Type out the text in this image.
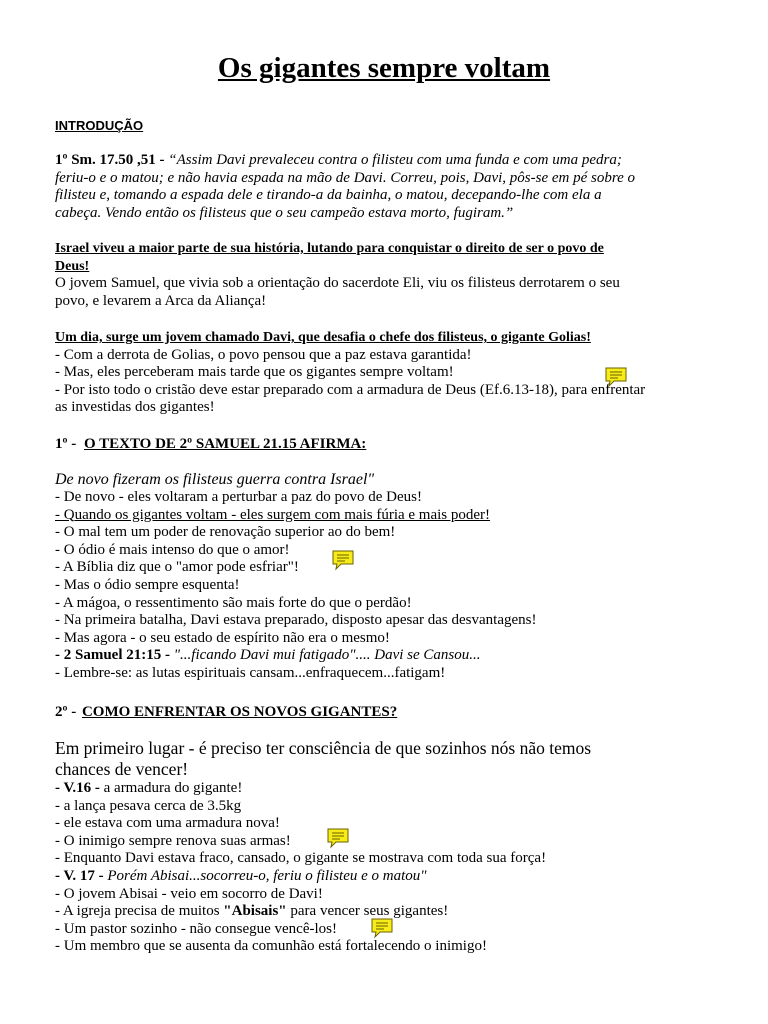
Os gigantes sempre voltam

INTRODUÇÃO

1º Sm. 17.50 ,51 - “Assim Davi prevaleceu contra o filisteu com uma funda e com uma pedra;
feriu-o e o matou; e não havia espada na mão de Davi. Correu, pois, Davi, pôs-se em pé sobre o
filisteu e, tomando a espada dele e tirando-a da bainha, o matou, decepando-lhe com ela a
cabeça. Vendo então os filisteus que o seu campeão estava morto, fugiram.”
Israel viveu a maior parte de sua história, lutando para conquistar o direito de ser o povo de
Deus!
O jovem Samuel, que vivia sob a orientação do sacerdote Eli, viu os filisteus derrotarem o seu
povo, e levarem a Arca da Aliança!
Um dia, surge um jovem chamado Davi, que desafia o chefe dos filisteus, o gigante Golias!
- Com a derrota de Golias, o povo pensou que a paz estava garantida!
- Mas, eles perceberam mais tarde que os gigantes sempre voltam!
- Por isto todo o cristão deve estar preparado com a armadura de Deus (Ef.6.13-18), para enfrentar
as investidas dos gigantes!
1º - O TEXTO DE 2º SAMUEL 21.15 AFIRMA:
De novo fizeram os filisteus guerra contra Israel"
- De novo - eles voltaram a perturbar a paz do povo de Deus!
- Quando os gigantes voltam - eles surgem com mais fúria e mais poder!
- O mal tem um poder de renovação superior ao do bem!
- O ódio é mais intenso do que o amor!
- A Bíblia diz que o "amor pode esfriar"!
- Mas o ódio sempre esquenta!
- A mágoa, o ressentimento são mais forte do que o perdão!
- Na primeira batalha, Davi estava preparado, disposto apesar das desvantagens!
- Mas agora - o seu estado de espírito não era o mesmo!
- 2 Samuel 21:15 - "...ficando Davi mui fatigado".... Davi se Cansou...
- Lembre-se: as lutas espirituais cansam...enfraquecem...fatigam!
2º - COMO ENFRENTAR OS NOVOS GIGANTES?
Em primeiro lugar - é preciso ter consciência de que sozinhos nós não temos
chances de vencer!
- V.16 - a armadura do gigante!
- a lança pesava cerca de 3.5kg
- ele estava com uma armadura nova!
- O inimigo sempre renova suas armas!
- Enquanto Davi estava fraco, cansado, o gigante se mostrava com toda sua força!
- V. 17 - Porém Abisai...socorreu-o, feriu o filisteu e o matou"
- O jovem Abisai - veio em socorro de Davi!
- A igreja precisa de muitos "Abisais" para vencer seus gigantes!
- Um pastor sozinho - não consegue vencê-los!
- Um membro que se ausenta da comunhão está fortalecendo o inimigo!
